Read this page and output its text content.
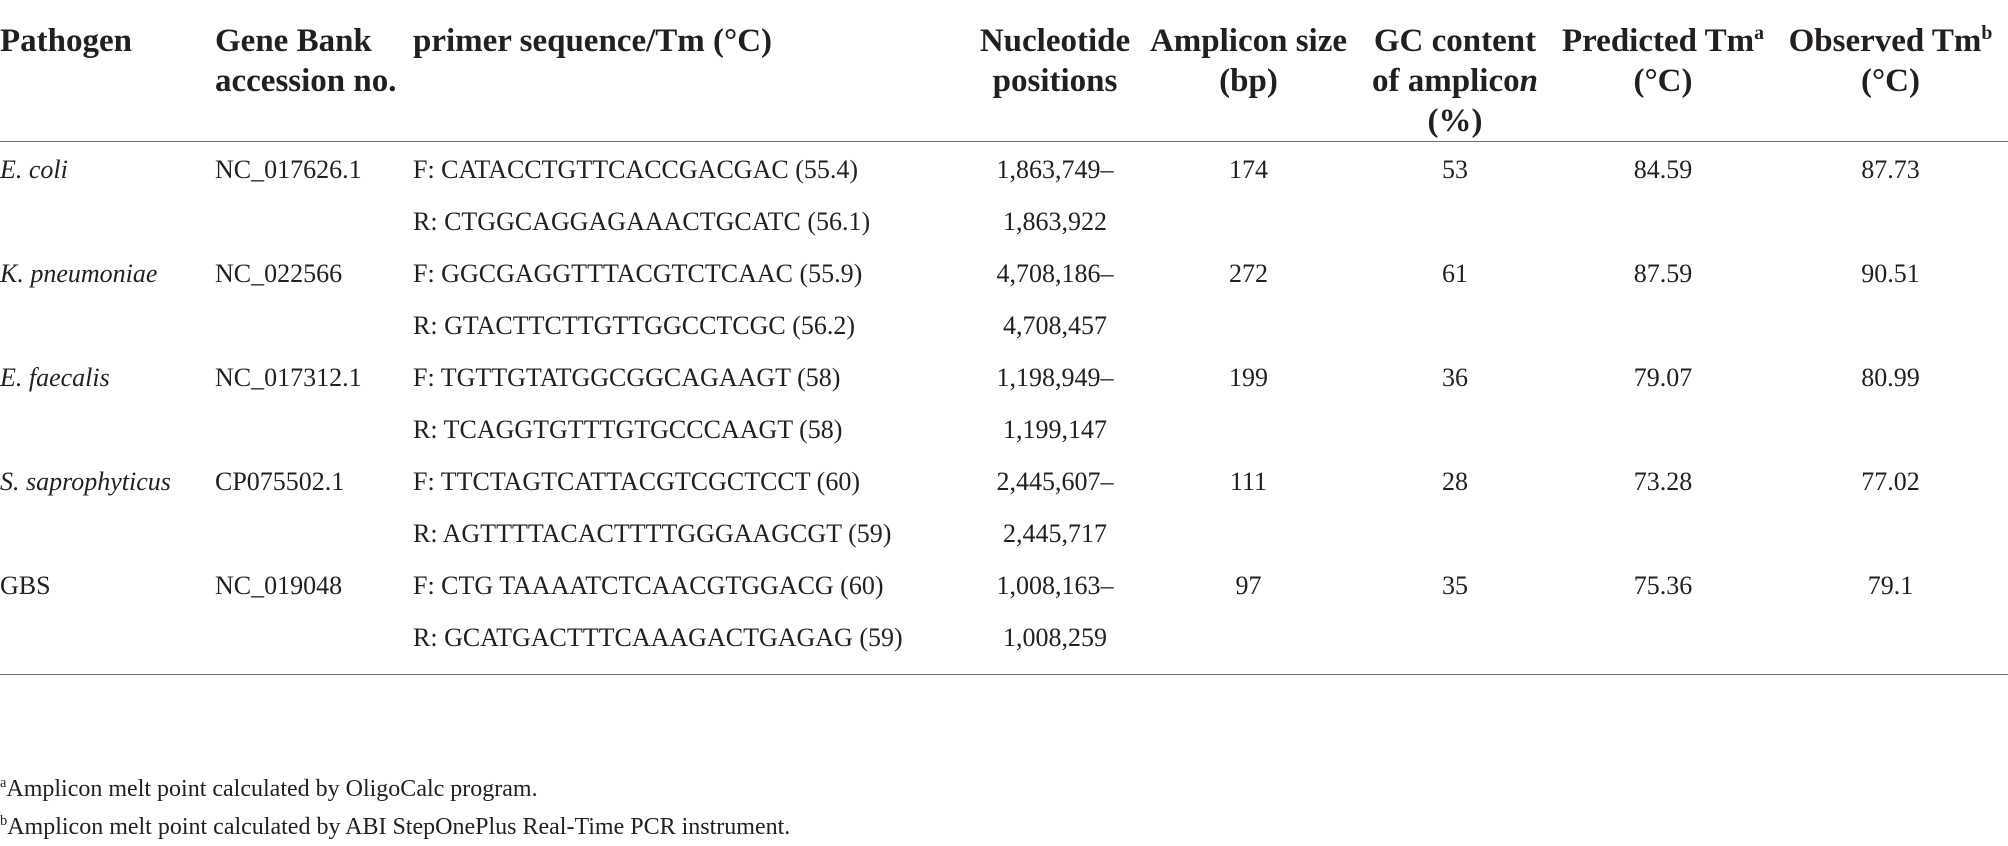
Pathogen	Gene Bank accession no.	primer sequence/Tm (°C)	Nucleotide positions	Amplicon size (bp)	GC content of amplicon (%)	Predicted Tm$^a$ (°C)	Observed Tm$^b$ (°C)
E. coli	NC_017626.1	F: CATACCTGTTCACCGACGAC (55.4)	1,863,749–	174	53	84.59	87.73
		R: CTGGCAGGAGAAACTGCATC (56.1)	1,863,922				
K. pneumoniae	NC_022566	F: GGCGAGGTTTACGTCTCAAC (55.9)	4,708,186–	272	61	87.59	90.51
		R: GTACTTCTTGTTGGCCTCGC (56.2)	4,708,457				
E. faecalis	NC_017312.1	F: TGTTGTATGGCGGCAGAAGT (58)	1,198,949–	199	36	79.07	80.99
		R: TCAGGTGTTTGTGCCCAAGT (58)	1,199,147				
S. saprophyticus	CP075502.1	F: TTCTAGTCATTACGTCGCTCCT (60)	2,445,607–	111	28	73.28	77.02
		R: AGTTTTACACTTTTGGGAAGCGT (59)	2,445,717				
GBS	NC_019048	F: CTG TAAAATCTCAACGTGGACG (60)	1,008,163–	97	35	75.36	79.1
		R: GCATGACTTTCAAAGACTGAGAG (59)	1,008,259				
$^a$Amplicon melt point calculated by OligoCalc program.
$^b$Amplicon melt point calculated by ABI StepOnePlus Real-Time PCR instrument.
